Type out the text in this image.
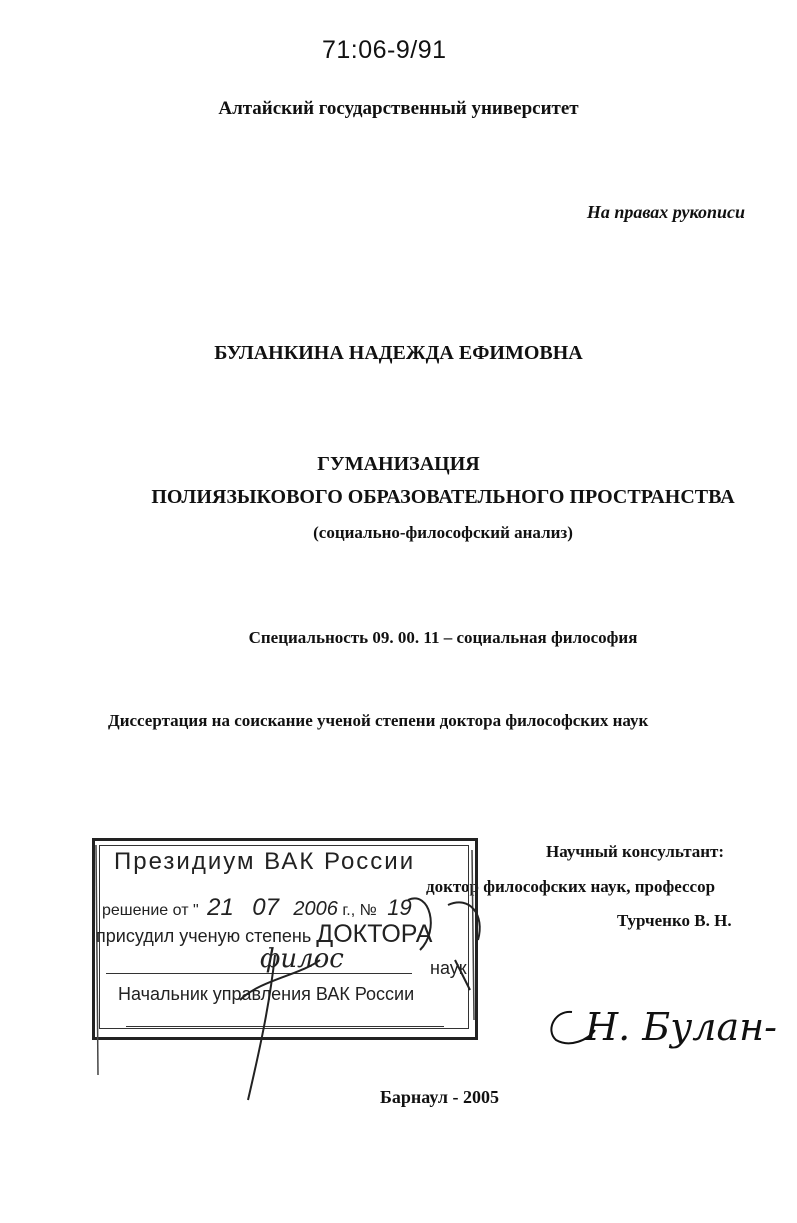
71:06-9/91
Алтайский государственный университет
На правах рукописи
БУЛАНКИНА НАДЕЖДА ЕФИМОВНА
ГУМАНИЗАЦИЯ
ПОЛИЯЗЫКОВОГО ОБРАЗОВАТЕЛЬНОГО ПРОСТРАНСТВА
(социально-философский анализ)
Специальность 09. 00. 11 – социальная философия
Диссертация на соискание ученой степени доктора философских наук
Научный консультант:
доктор философских наук, профессор
Турченко В. Н.
Президиум ВАК России
решение от " 21 07 2006 г., № 19
присудил ученую степень ДОКТОРА
филос	наук
Начальник управления ВАК России
Н. Булан-
Барнаул - 2005
